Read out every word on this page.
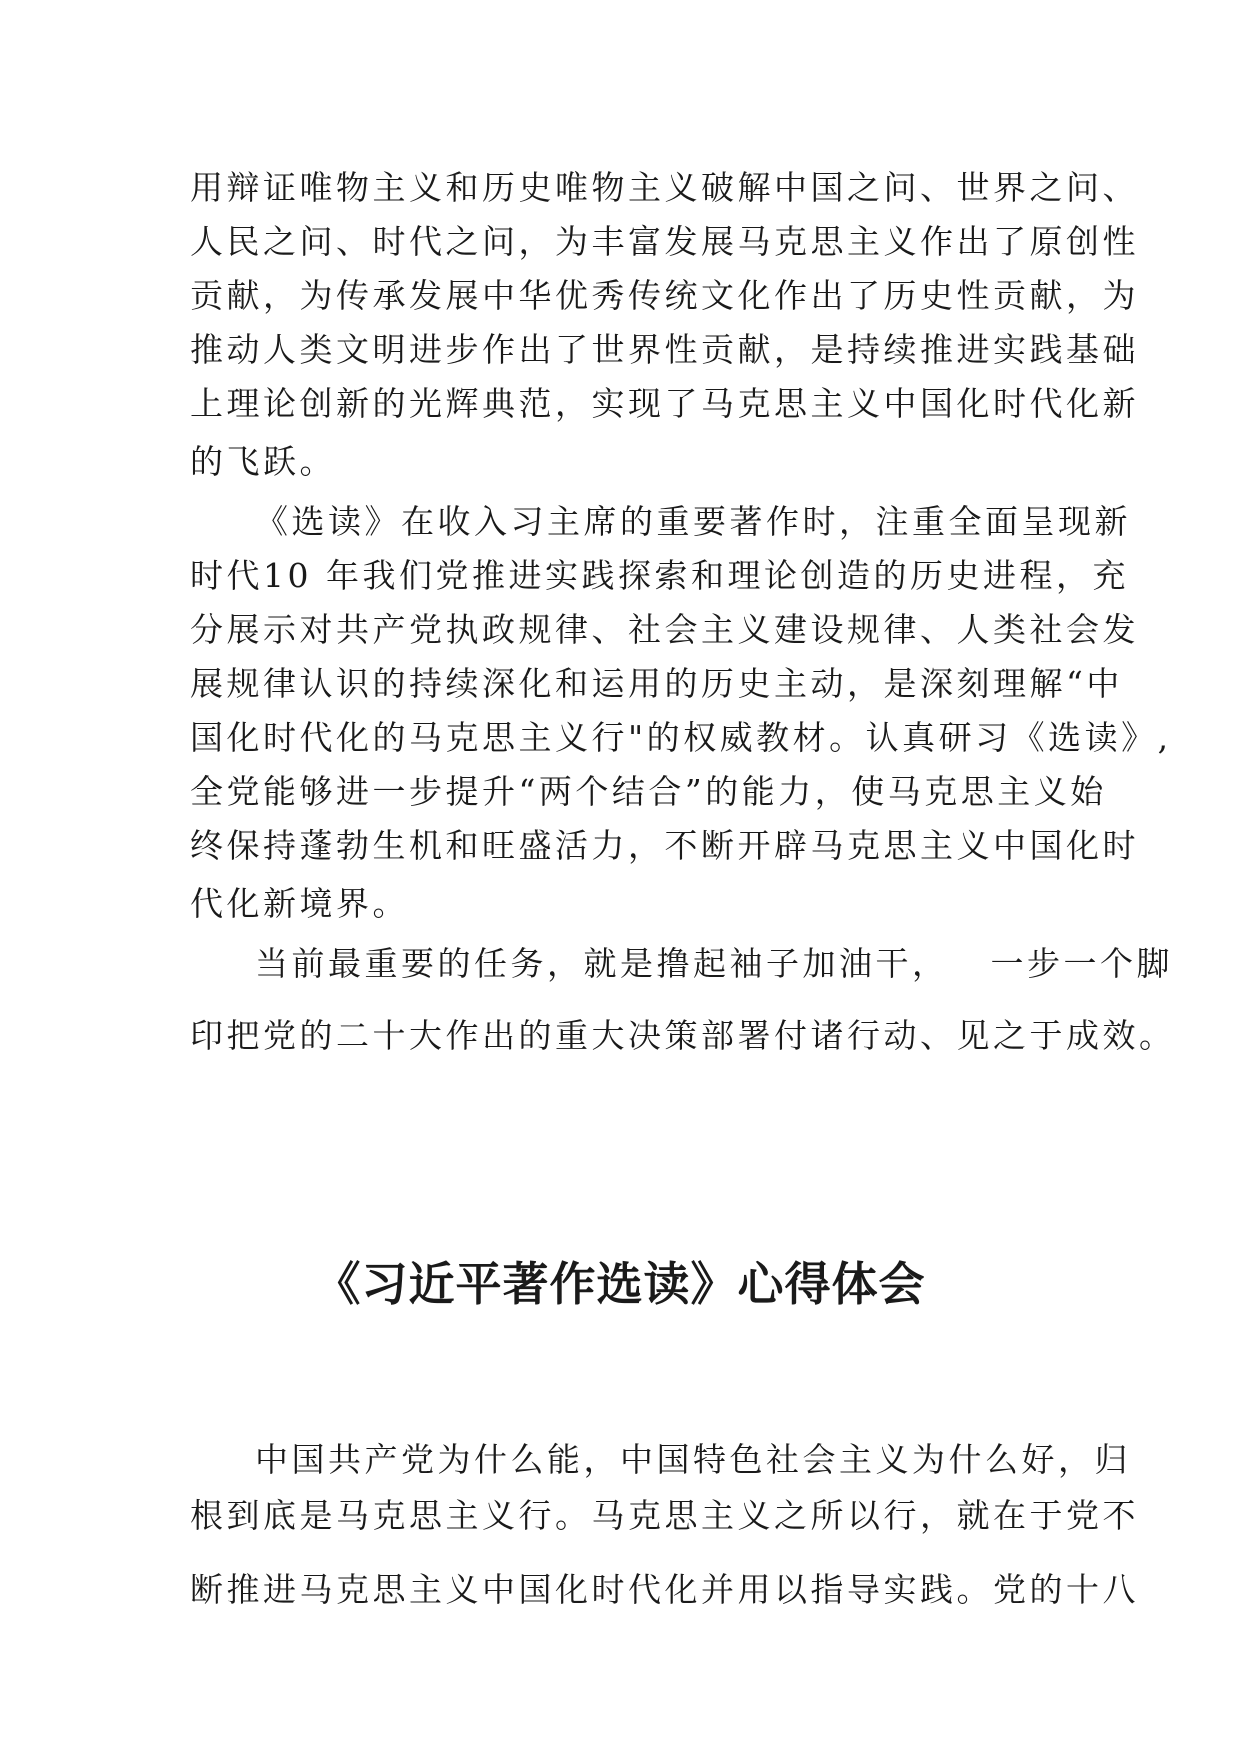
用辩证唯物主义和历史唯物主义破解中国之问、世界之问、
人民之问、时代之问，为丰富发展马克思主义作出了原创性
贡献，为传承发展中华优秀传统文化作出了历史性贡献，为
推动人类文明进步作出了世界性贡献，是持续推进实践基础
上理论创新的光辉典范，实现了马克思主义中国化时代化新
的飞跃。
《选读》在收入习主席的重要著作时，注重全面呈现新
时代10 年我们党推进实践探索和理论创造的历史进程，充
分展示对共产党执政规律、社会主义建设规律、人类社会发
展规律认识的持续深化和运用的历史主动，是深刻理解“中
国化时代化的马克思主义行"的权威教材。认真研习《选读》,
全党能够进一步提升“两个结合”的能力，使马克思主义始
终保持蓬勃生机和旺盛活力，不断开辟马克思主义中国化时
代化新境界。
当前最重要的任务，就是撸起袖子加油干，   一步一个脚
印把党的二十大作出的重大决策部署付诸行动、见之于成效。
《习近平著作选读》心得体会
中国共产党为什么能，中国特色社会主义为什么好，归
根到底是马克思主义行。马克思主义之所以行，就在于党不
断推进马克思主义中国化时代化并用以指导实践。党的十八
